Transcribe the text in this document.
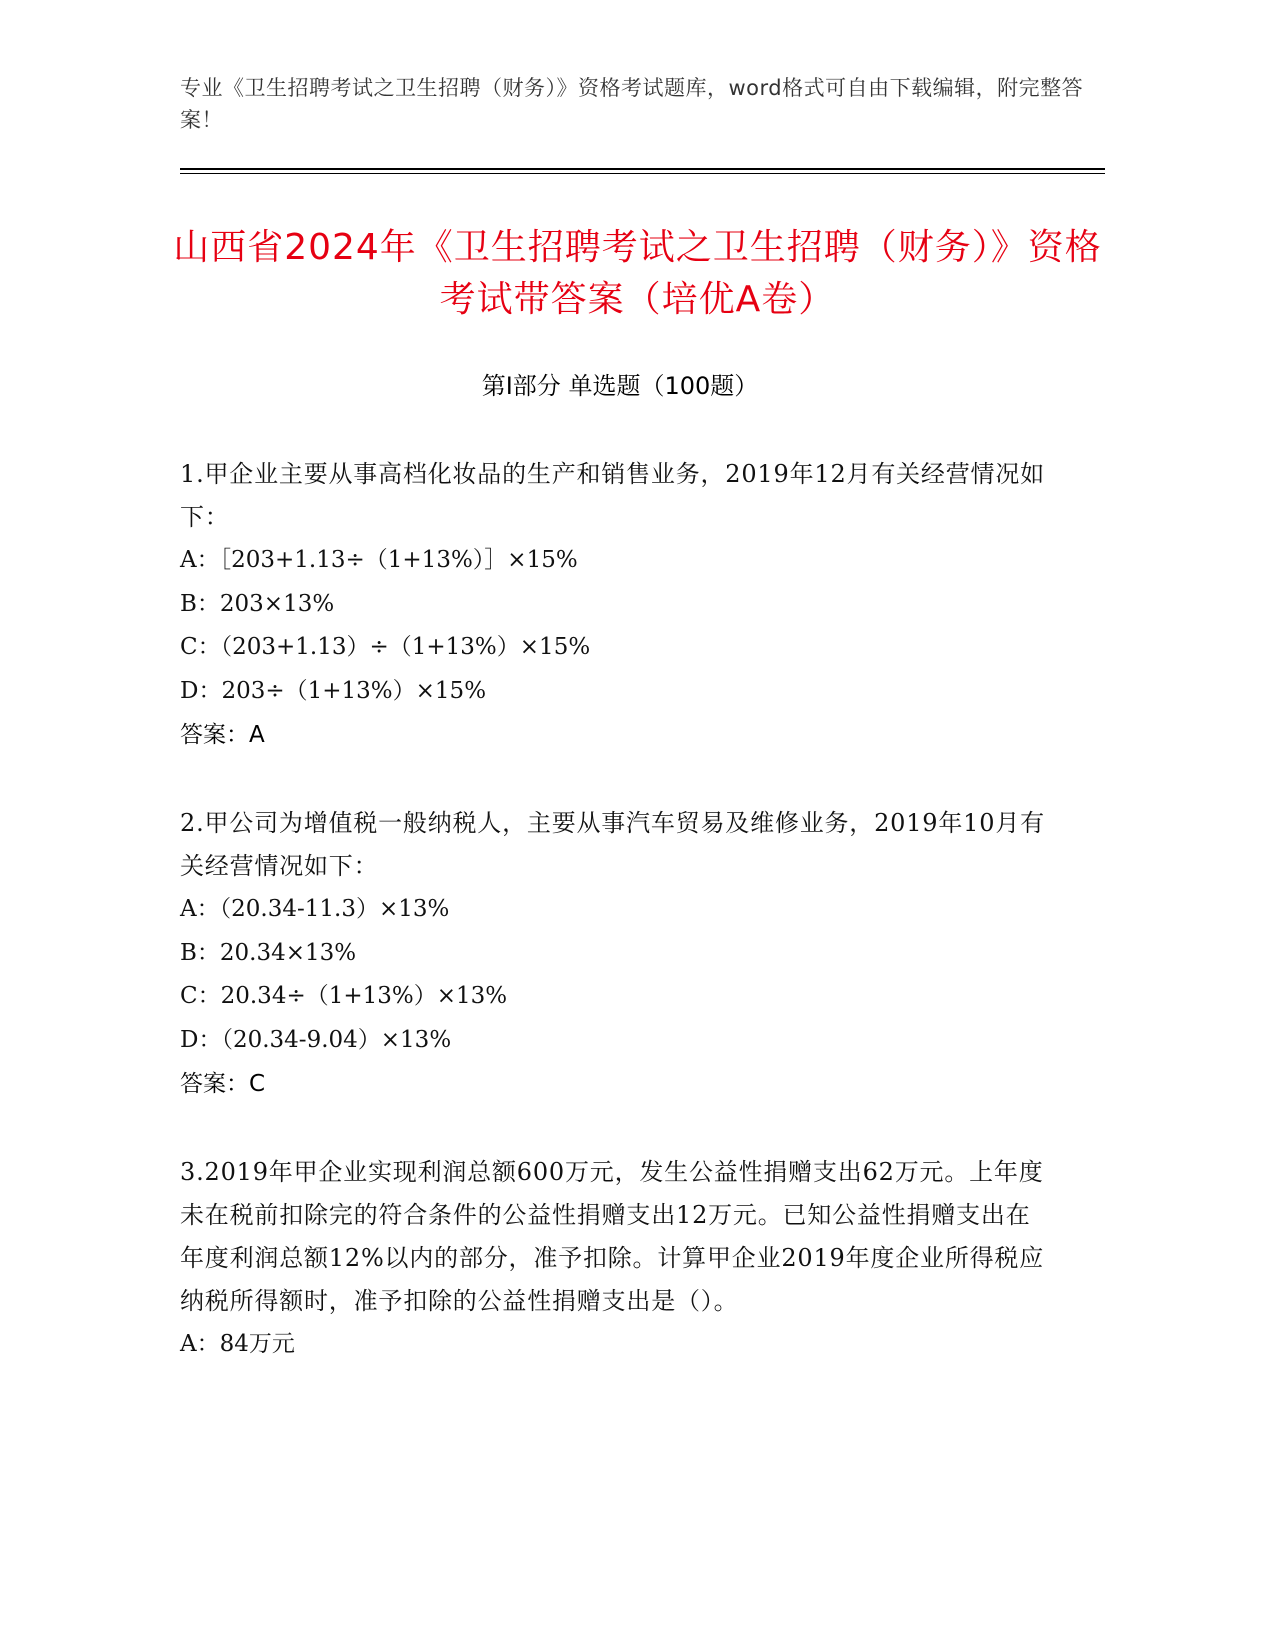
专业《卫生招聘考试之卫生招聘（财务）》资格考试题库，word格式可自由下载编辑，附完整答案！
山西省2024年《卫生招聘考试之卫生招聘（财务）》资格考试带答案（培优A卷）
第I部分 单选题（100题）

1.甲企业主要从事高档化妆品的生产和销售业务，2019年12月有关经营情况如下：

A：［203+1.13÷（1+13%）］×15%

B：203×13%

C：（203+1.13）÷（1+13%）×15%

D：203÷（1+13%）×15%

答案：A

2.甲公司为增值税一般纳税人，主要从事汽车贸易及维修业务，2019年10月有关经营情况如下：

A：（20.34-11.3）×13%

B：20.34×13%

C：20.34÷（1+13%）×13%

D：（20.34-9.04）×13%

答案：C

3.2019年甲企业实现利润总额600万元，发生公益性捐赠支出62万元。上年度未在税前扣除完的符合条件的公益性捐赠支出12万元。已知公益性捐赠支出在年度利润总额12%以内的部分，准予扣除。计算甲企业2019年度企业所得税应纳税所得额时，准予扣除的公益性捐赠支出是（）。

A：84万元
